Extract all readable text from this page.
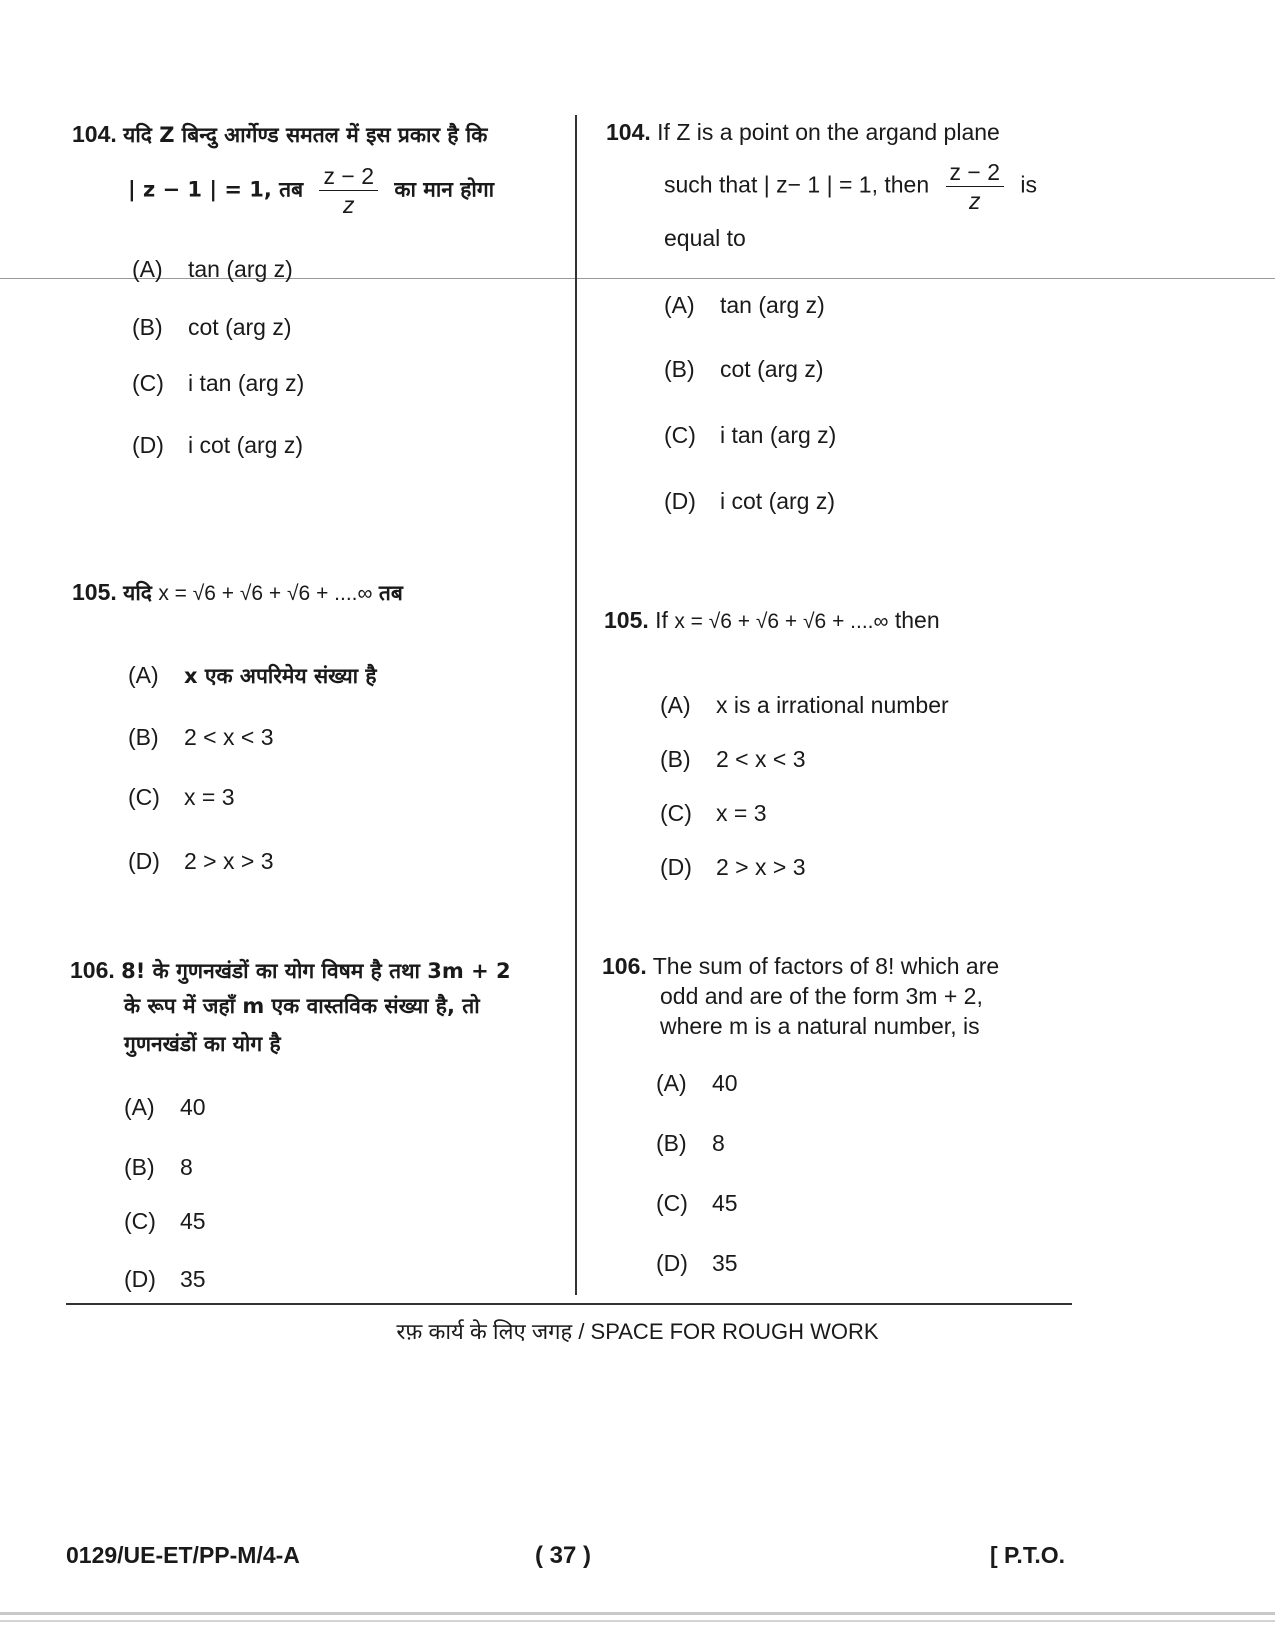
104. यदि Z बिन्दु आर्गेण्ड समतल में इस प्रकार है कि
| z − 1 | = 1, तब $\frac{z - 2}{z}$ का मान होगा
(A) tan (arg z)
(B) cot (arg z)
(C) i tan (arg z)
(D) i cot (arg z)
105. यदि x = √6 + √6 + √6 + ....∞ तब
(A) x एक अपरिमेय संख्या है
(B) 2 < x < 3
(C) x = 3
(D) 2 > x > 3
106. 8! के गुणनखंडों का योग विषम है तथा 3m + 2
के रूप में जहाँ m एक वास्तविक संख्या है, तो
गुणनखंडों का योग है
(A) 40
(B) 8
(C) 45
(D) 35
104. If Z is a point on the argand plane
such that | z− 1 | = 1, then $\frac{z - 2}{z}$ is
equal to
(A) tan (arg z)
(B) cot (arg z)
(C) i tan (arg z)
(D) i cot (arg z)
105. If x = √6 + √6 + √6 + ....∞ then
(A) x is a irrational number
(B) 2 < x < 3
(C) x = 3
(D) 2 > x > 3
106. The sum of factors of 8! which are
odd and are of the form 3m + 2,
where m is a natural number, is
(A) 40
(B) 8
(C) 45
(D) 35
रफ़ कार्य के लिए जगह / SPACE FOR ROUGH WORK
0129/UE-ET/PP-M/4-A	( 37 )	[ P.T.O.
